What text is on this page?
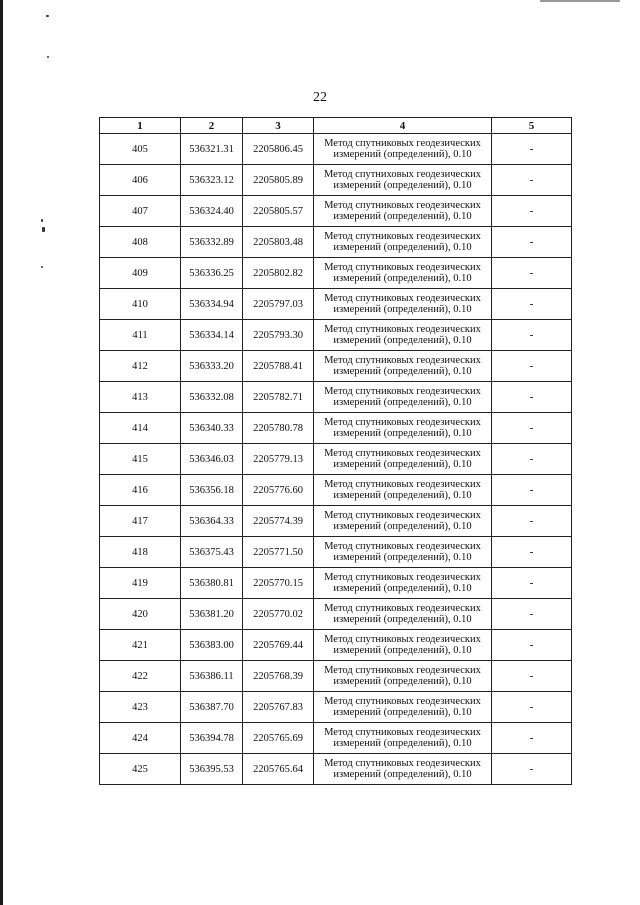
22
1	2	3	4	5
405	536321.31	2205806.45	Метод спутниковых геодезических измерений (определений), 0.10	-
406	536323.12	2205805.89	Метод спутниховых геодезических измерений (определений), 0.10	-
407	536324.40	2205805.57	Метод спутниковых геодезических измерений (определений), 0.10	-
408	536332.89	2205803.48	Метод спутниковых геодезических измерений (определений), 0.10	-
409	536336.25	2205802.82	Метод спутниковых геодезических измерений (определений), 0.10	-
410	536334.94	2205797.03	Метод спутниковых геодезических измерений (определений), 0.10	-
411	536334.14	2205793.30	Метод спутниковых геодезических измерений (определений), 0.10	-
412	536333.20	2205788.41	Метод спутниковых геодезических измерений (определений), 0.10	-
413	536332.08	2205782.71	Метод спутниковых геодезических измерений (определений), 0.10	-
414	536340.33	2205780.78	Метод спутниковых геодезических измерений (определений), 0.10	-
415	536346.03	2205779.13	Метод спутниковых геодезических измерений (определений), 0.10	-
416	536356.18	2205776.60	Метод спутниковых геодезических измерений (определений), 0.10	-
417	536364.33	2205774.39	Метод спутниковых геодезических измерений (определений), 0.10	-
418	536375.43	2205771.50	Метод спутниковых геодезических измерений (определений), 0.10	-
419	536380.81	2205770.15	Метод спутниковых геодезических измерений (определений), 0.10	-
420	536381.20	2205770.02	Метод спутниковых геодезических измерений (определений), 0.10	-
421	536383.00	2205769.44	Метод спутниковых геодезических измерений (определений), 0.10	-
422	536386.11	2205768.39	Метод спутниковых геодезических измерений (определений), 0.10	-
423	536387.70	2205767.83	Метод спутниковых геодезических измерений (определений), 0.10	-
424	536394.78	2205765.69	Метод спутниковых геодезических измерений (определений), 0.10	-
425	536395.53	2205765.64	Метод спутниковых геодезических измерений (определений), 0.10	-
